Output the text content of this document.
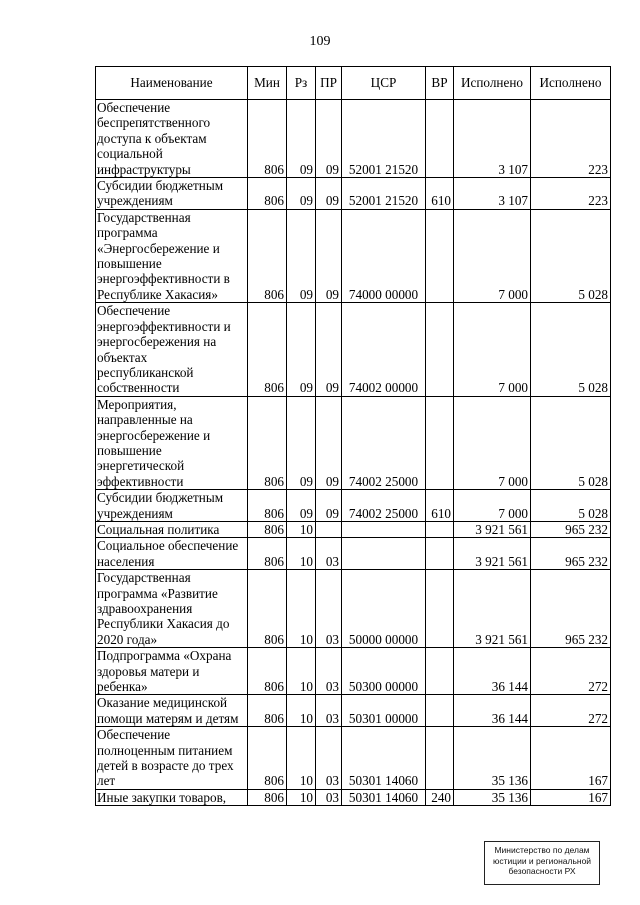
109
Наименование	Мин	Рз	ПР	ЦСР	ВР	Исполнено	Исполнено
Обеспечение беспрепятственного доступа к объектам социальной инфраструктуры	806	09	09	52001 21520		3 107	223
Субсидии бюджетным учреждениям	806	09	09	52001 21520	610	3 107	223
Государственная программа «Энергосбережение и повышение энергоэффективности в Республике Хакасия»	806	09	09	74000 00000		7 000	5 028
Обеспечение энергоэффективности и энергосбережения на объектах республиканской собственности	806	09	09	74002 00000		7 000	5 028
Мероприятия, направленные на энергосбережение и повышение энергетической эффективности	806	09	09	74002 25000		7 000	5 028
Субсидии бюджетным учреждениям	806	09	09	74002 25000	610	7 000	5 028
Социальная политика	806	10				3 921 561	965 232
Социальное обеспечение населения	806	10	03			3 921 561	965 232
Государственная программа «Развитие здравоохранения Республики Хакасия до 2020 года»	806	10	03	50000 00000		3 921 561	965 232
Подпрограмма «Охрана здоровья матери и ребенка»	806	10	03	50300 00000		36 144	272
Оказание медицинской помощи матерям и детям	806	10	03	50301 00000		36 144	272
Обеспечение полноценным питанием детей в возрасте до трех лет	806	10	03	50301 14060		35 136	167
Иные закупки товаров,	806	10	03	50301 14060	240	35 136	167
Министерство по делам
юстиции и региональной
безопасности РХ
